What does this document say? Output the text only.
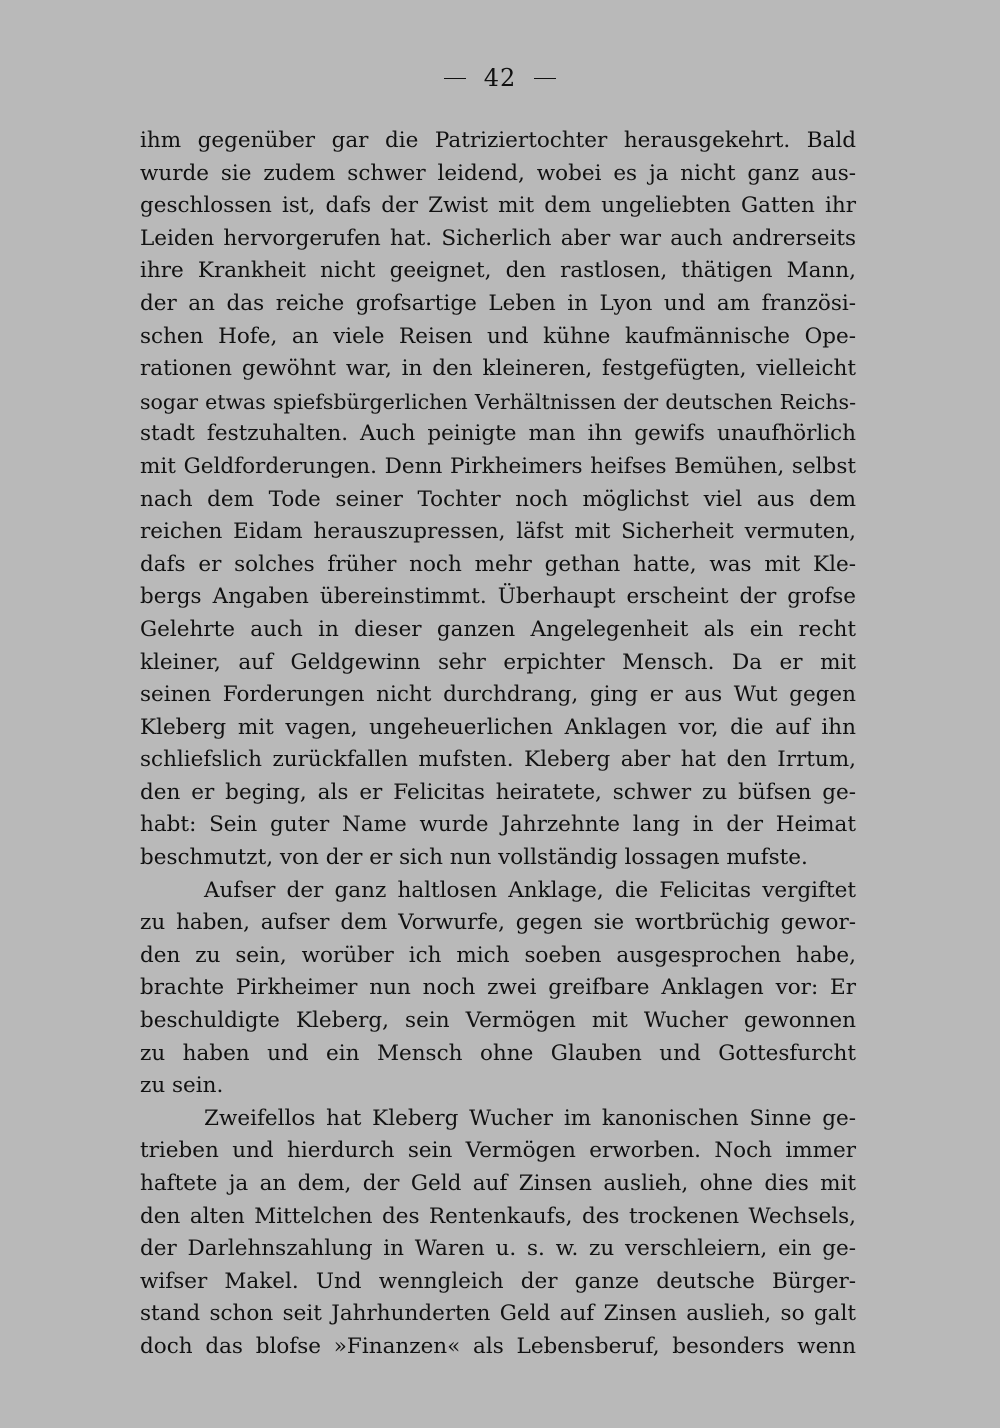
42
ihm gegenüber gar die Patriziertochter herausgekehrt. Bald
wurde sie zudem schwer leidend, wobei es ja nicht ganz aus-
geschlossen ist, dafs der Zwist mit dem ungeliebten Gatten ihr
Leiden hervorgerufen hat. Sicherlich aber war auch andrerseits
ihre Krankheit nicht geeignet, den rastlosen, thätigen Mann,
der an das reiche grofsartige Leben in Lyon und am französi-
schen Hofe, an viele Reisen und kühne kaufmännische Ope-
rationen gewöhnt war, in den kleineren, festgefügten, vielleicht
sogar etwas spiefsbürgerlichen Verhältnissen der deutschen Reichs-
stadt festzuhalten. Auch peinigte man ihn gewifs unaufhörlich
mit Geldforderungen. Denn Pirkheimers heifses Bemühen, selbst
nach dem Tode seiner Tochter noch möglichst viel aus dem
reichen Eidam herauszupressen, läfst mit Sicherheit vermuten,
dafs er solches früher noch mehr gethan hatte, was mit Kle-
bergs Angaben übereinstimmt. Überhaupt erscheint der grofse
Gelehrte auch in dieser ganzen Angelegenheit als ein recht
kleiner, auf Geldgewinn sehr erpichter Mensch. Da er mit
seinen Forderungen nicht durchdrang, ging er aus Wut gegen
Kleberg mit vagen, ungeheuerlichen Anklagen vor, die auf ihn
schliefslich zurückfallen mufsten. Kleberg aber hat den Irrtum,
den er beging, als er Felicitas heiratete, schwer zu büfsen ge-
habt: Sein guter Name wurde Jahrzehnte lang in der Heimat
beschmutzt, von der er sich nun vollständig lossagen mufste.
Aufser der ganz haltlosen Anklage, die Felicitas vergiftet
zu haben, aufser dem Vorwurfe, gegen sie wortbrüchig gewor-
den zu sein, worüber ich mich soeben ausgesprochen habe,
brachte Pirkheimer nun noch zwei greifbare Anklagen vor: Er
beschuldigte Kleberg, sein Vermögen mit Wucher gewonnen
zu haben und ein Mensch ohne Glauben und Gottesfurcht
zu sein.
Zweifellos hat Kleberg Wucher im kanonischen Sinne ge-
trieben und hierdurch sein Vermögen erworben. Noch immer
haftete ja an dem, der Geld auf Zinsen auslieh, ohne dies mit
den alten Mittelchen des Rentenkaufs, des trockenen Wechsels,
der Darlehnszahlung in Waren u. s. w. zu verschleiern, ein ge-
wifser Makel. Und wenngleich der ganze deutsche Bürger-
stand schon seit Jahrhunderten Geld auf Zinsen auslieh, so galt
doch das blofse »Finanzen« als Lebensberuf, besonders wenn
